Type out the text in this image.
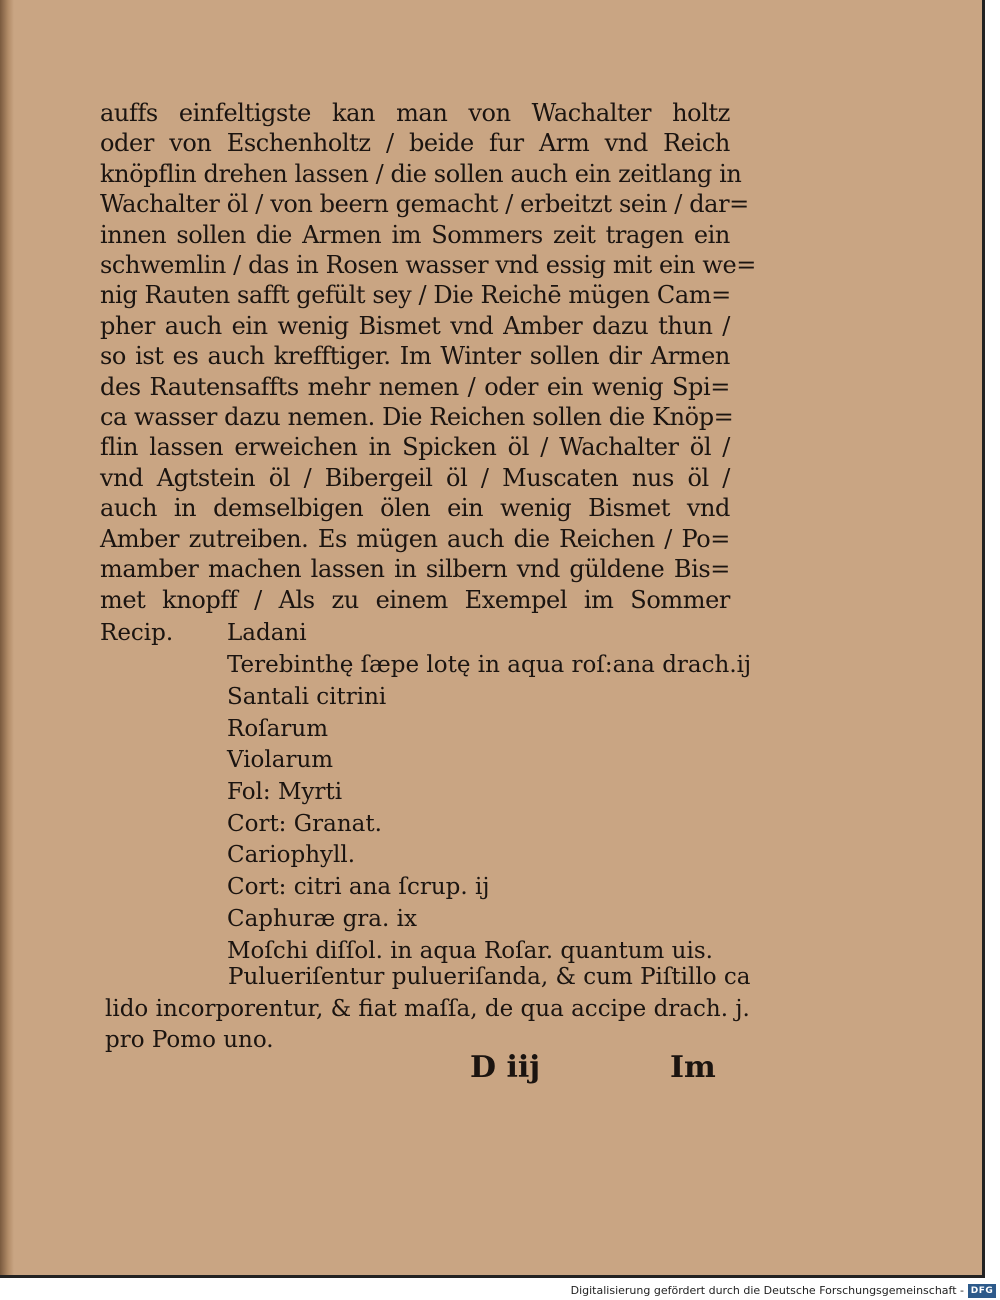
auffs einfeltigste kan man von Wachalter holtz
oder von Eschenholtz / beide fur Arm vnd Reich
knöpflin drehen lassen / die sollen auch ein zeitlang in
Wachalter öl / von beern gemacht / erbeitzt sein / dar=
innen sollen die Armen im Sommers zeit tragen ein
schwemlin / das in Rosen wasser vnd essig mit ein we=
nig Rauten safft gefült sey / Die Reichē mügen Cam=
pher auch ein wenig Bismet vnd Amber dazu thun /
so ist es auch krefftiger. Im Winter sollen dir Armen
des Rautensaffts mehr nemen / oder ein wenig Spi=
ca wasser dazu nemen. Die Reichen sollen die Knöp=
flin lassen erweichen in Spicken öl / Wachalter öl /
vnd Agtstein öl / Bibergeil öl / Muscaten nus öl /
auch in demselbigen ölen ein wenig Bismet vnd
Amber zutreiben. Es mügen auch die Reichen / Po=
mamber machen lassen in silbern vnd güldene Bis=
met knopff / Als zu einem Exempel im Sommer
Recip. Ladani
Terebinthę ſæpe lotę in aqua roſ:ana drach.ij
Santali citrini
Roſarum
Violarum
Fol: Myrti
Cort: Granat.
Cariophyll.
Cort: citri ana ſcrup. ij
Caphuræ gra. ix
Moſchi diſſol. in aqua Roſar. quantum uis.
Pulueriſentur pulueriſanda, & cum Piſtillo ca
lido incorporentur, & fiat maſſa, de qua accipe drach. j.
pro Pomo uno.
D iij	Im
Digitalisierung gefördert durch die Deutsche Forschungsgemeinschaft - DFG
